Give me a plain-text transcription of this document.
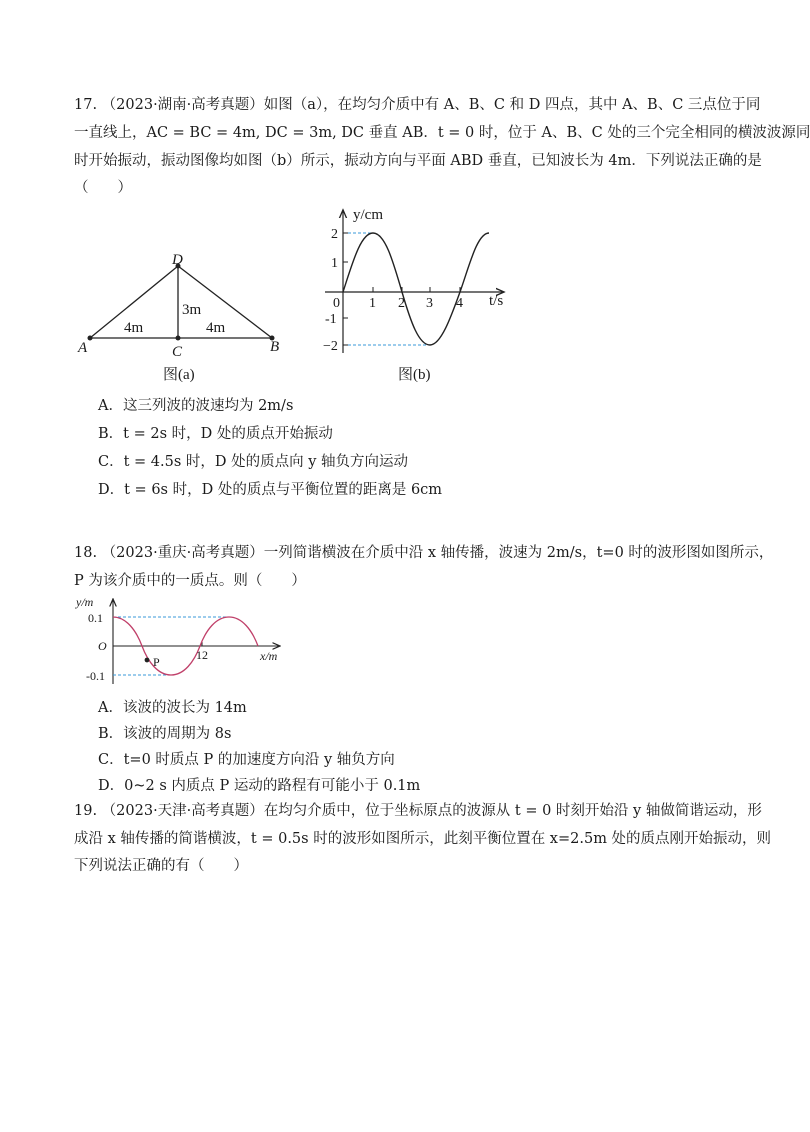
17. （2023·湖南·高考真题）如图（a），在均匀介质中有 A、B、C 和 D 四点，其中 A、B、C 三点位于同
一直线上，AC = BC = 4m, DC = 3m, DC 垂直 AB．t = 0 时，位于 A、B、C 处的三个完全相同的横波波源同
时开始振动，振动图像均如图（b）所示，振动方向与平面 ABD 垂直，已知波长为 4m．下列说法正确的是
（　　）
D
A	C	B
3m
4m	4m
图(a)
y/cm
t/s
2
1
-1
−2
0 1 2 3 4
图(b)
A．这三列波的波速均为 2m/s
B．t = 2s 时，D 处的质点开始振动
C．t = 4.5s 时，D 处的质点向 y 轴负方向运动
D．t = 6s 时，D 处的质点与平衡位置的距离是 6cm
18. （2023·重庆·高考真题）一列简谐横波在介质中沿 x 轴传播，波速为 2m/s，t=0 时的波形图如图所示，
P 为该介质中的一质点。则（　　）
P
y/m
x/m
0.1
-0.1
O
12
A．该波的波长为 14m
B．该波的周期为 8s
C．t=0 时质点 P 的加速度方向沿 y 轴负方向
D．0~2 s 内质点 P 运动的路程有可能小于 0.1m
19. （2023·天津·高考真题）在均匀介质中，位于坐标原点的波源从 t = 0 时刻开始沿 y 轴做简谐运动，形
成沿 x 轴传播的简谐横波，t = 0.5s 时的波形如图所示，此刻平衡位置在 x=2.5m 处的质点刚开始振动，则
下列说法正确的有（　　）
